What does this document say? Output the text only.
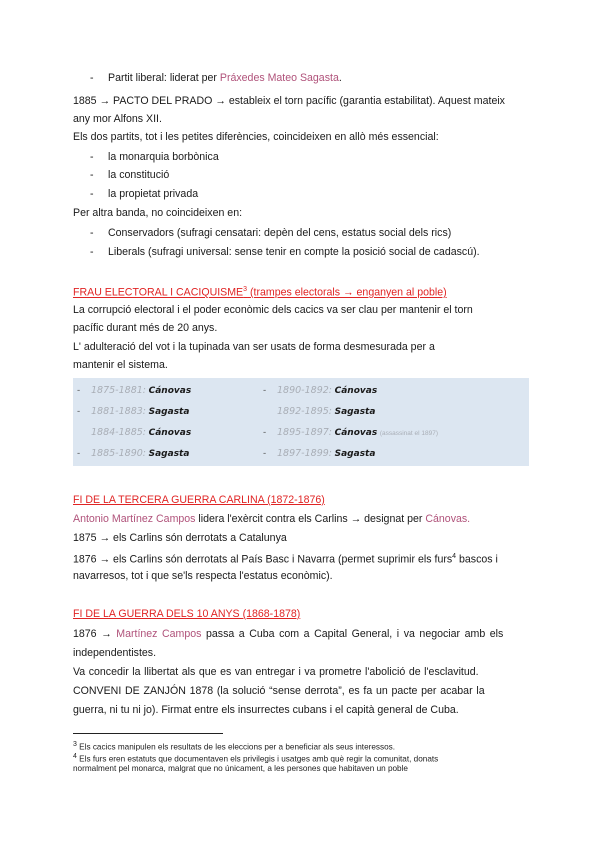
- Partit liberal: liderat per Práxedes Mateo Sagasta.
1885 → PACTO DEL PRADO → estableix el torn pacífic (garantia estabilitat). Aquest mateix
any mor Alfons XII.
Els dos partits, tot i les petites diferències, coincideixen en allò més essencial:
- la monarquia borbònica
- la constitució
- la propietat privada
Per altra banda, no coincideixen en:
- Conservadors (sufragi censatari: depèn del cens, estatus social dels rics)
- Liberals (sufragi universal: sense tenir en compte la posició social de cadascú).
FRAU ELECTORAL I CACIQUISME$^3$ (trampes electorals → enganyen al poble)
La corrupció electoral i el poder econòmic dels cacics va ser clau per mantenir el torn
pacífic durant més de 20 anys.
L' adulteració del vot i la tupinada van ser usats de forma desmesurada per a
mantenir el sistema.
- 1875-1881: Cánovas
- 1881-1883: Sagasta
1884-1885: Cánovas
- 1885-1890: Sagasta
- 1890-1892: Cánovas
1892-1895: Sagasta
- 1895-1897: Cánovas (assassinat el 1897)
- 1897-1899: Sagasta
FI DE LA TERCERA GUERRA CARLINA (1872-1876)
Antonio Martínez Campos lidera l'exèrcit contra els Carlins → designat per Cánovas.
1875 → els Carlins són derrotats a Catalunya
1876 → els Carlins són derrotats al País Basc i Navarra (permet suprimir els furs$^4$ bascos i
navarresos, tot i que se'ls respecta l'estatus econòmic).
FI DE LA GUERRA DELS 10 ANYS (1868-1878)
1876 → Martínez Campos passa a Cuba com a Capital General, i va negociar amb els
independentistes.
Va concedir la llibertat als que es van entregar i va prometre l'abolició de l'esclavitud.
CONVENI DE ZANJÓN 1878 (la solució “sense derrota”, es fa un pacte per acabar la
guerra, ni tu ni jo). Firmat entre els insurrectes cubans i el capità general de Cuba.
$^3$ Els cacics manipulen els resultats de les eleccions per a beneficiar als seus interessos.
$^4$ Els furs eren estatuts que documentaven els privilegis i usatges amb què regir la comunitat, donats
normalment pel monarca, malgrat que no únicament, a les persones que habitaven un poble
